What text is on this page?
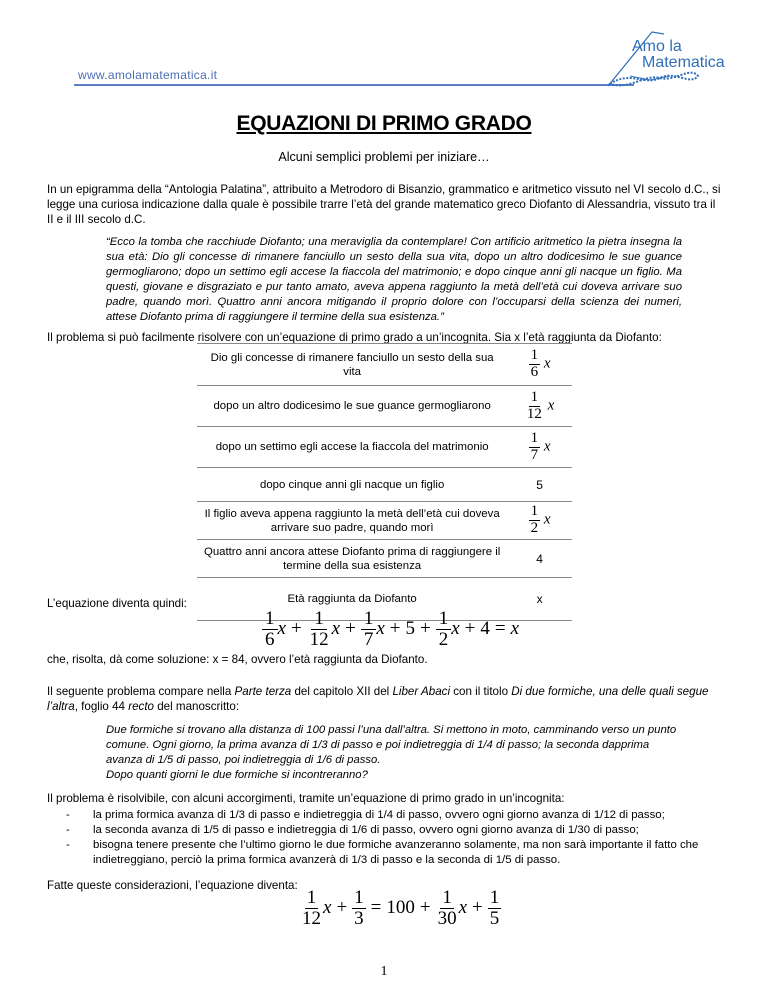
www.amolamatematica.it
Amo la
Matematica
EQUAZIONI DI PRIMO GRADO
Alcuni semplici problemi per iniziare…
In un epigramma della “Antologia Palatina”, attribuito a Metrodoro di Bisanzio, grammatico e aritmetico vissuto nel VI secolo d.C., si legge una curiosa indicazione dalla quale è possibile trarre l’età del grande matematico greco Diofanto di Alessandria, vissuto tra il II e il III secolo d.C.
“Ecco la tomba che racchiude Diofanto; una meraviglia da contemplare! Con artificio aritmetico la pietra insegna la sua età: Dio gli concesse di rimanere fanciullo un sesto della sua vita, dopo un altro dodicesimo le sue guance germogliarono; dopo un settimo egli accese la fiaccola del matrimonio; e dopo cinque anni gli nacque un figlio. Ma questi, giovane e disgraziato e pur tanto amato, aveva appena raggiunto la metà dell’età cui doveva arrivare suo padre, quando morì. Quattro anni ancora mitigando il proprio dolore con l’occuparsi della scienza dei numeri, attese Diofanto prima di raggiungere il termine della sua esistenza.”
Il problema si può facilmente risolvere con un’equazione di primo grado a un’incognita. Sia x l’età raggiunta da Diofanto:
Dio gli concesse di rimanere fanciullo un sesto della sua vita	$\frac{1}{6}$ x
dopo un altro dodicesimo le sue guance germogliarono	$\frac{1}{12}$ x
dopo un settimo egli accese la fiaccola del matrimonio	$\frac{1}{7}$ x
dopo cinque anni gli nacque un figlio	5
Il figlio aveva appena raggiunto la metà dell’età cui doveva arrivare suo padre, quando morì	$\frac{1}{2}$ x
Quattro anni ancora attese Diofanto prima di raggiungere il termine della sua esistenza	4
Età raggiunta da Diofanto	x
L’equazione diventa quindi:
$\frac{1}{6}$ $x + \frac{1}{12}$ $x + \frac{1}{7}$ $x + 5 + \frac{1}{2}$ x + 4 = x
che, risolta, dà come soluzione: x = 84, ovvero l’età raggiunta da Diofanto.
Il seguente problema compare nella Parte terza del capitolo XII del Liber Abaci con il titolo Di due formiche, una delle quali segue l’altra, foglio 44 recto del manoscritto:
Due formiche si trovano alla distanza di 100 passi l’una dall’altra. Si mettono in moto, camminando verso un punto comune. Ogni giorno, la prima avanza di 1/3 di passo e poi indietreggia di 1/4 di passo; la seconda dapprima avanza di 1/5 di passo, poi indietreggia di 1/6 di passo.
Dopo quanti giorni le due formiche si incontreranno?
Il problema è risolvibile, con alcuni accorgimenti, tramite un’equazione di primo grado in un’incognita:
- la prima formica avanza di 1/3 di passo e indietreggia di 1/4 di passo, ovvero ogni giorno avanza di 1/12 di passo;
- la seconda avanza di 1/5 di passo e indietreggia di 1/6 di passo, ovvero ogni giorno avanza di 1/30 di passo;
- bisogna tenere presente che l’ultimo giorno le due formiche avanzeranno solamente, ma non sarà importante il fatto che indietreggiano, perciò la prima formica avanzerà di 1/3 di passo e la seconda di 1/5 di passo.
Fatte queste considerazioni, l’equazione diventa:
$\frac{1}{12}$ $x + \frac{1}{3} = 100 + \frac{1}{30}$ $x + \frac{1}{5}$
1
